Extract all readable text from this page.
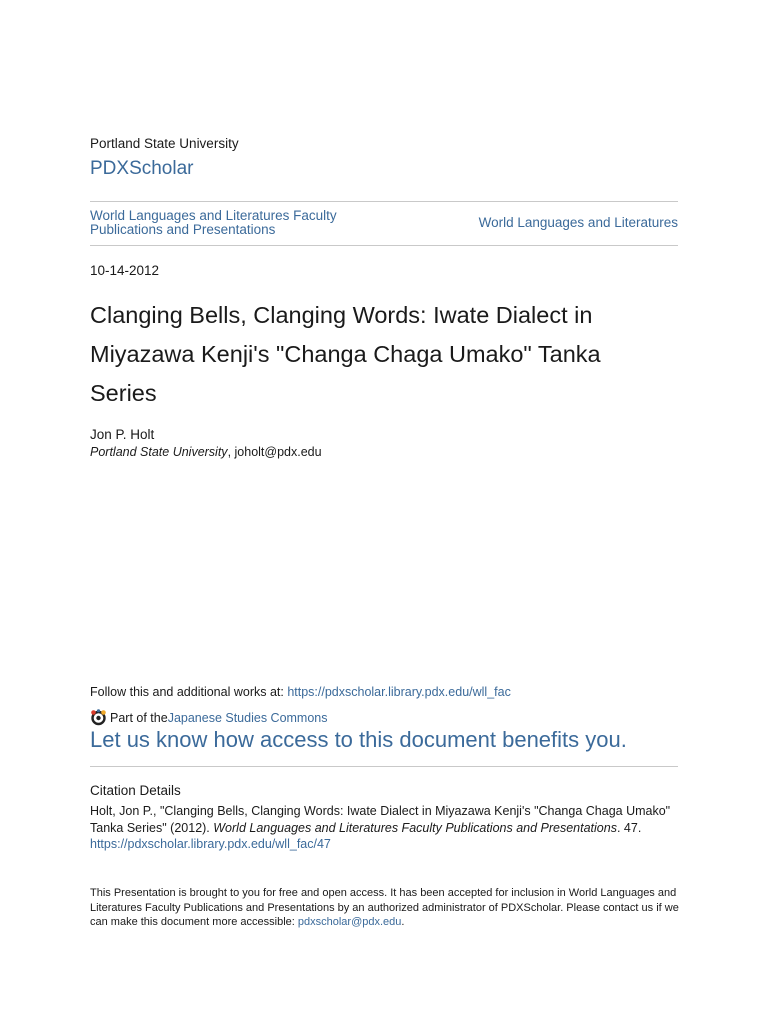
Portland State University
PDXScholar
World Languages and Literatures Faculty Publications and Presentations	World Languages and Literatures
10-14-2012
Clanging Bells, Clanging Words: Iwate Dialect in Miyazawa Kenji's "Changa Chaga Umako" Tanka Series
Jon P. Holt
Portland State University, joholt@pdx.edu
Follow this and additional works at: https://pdxscholar.library.pdx.edu/wll_fac
Part of the Japanese Studies Commons
Let us know how access to this document benefits you.
Citation Details
Holt, Jon P., "Clanging Bells, Clanging Words: Iwate Dialect in Miyazawa Kenji's "Changa Chaga Umako" Tanka Series" (2012). World Languages and Literatures Faculty Publications and Presentations. 47.
https://pdxscholar.library.pdx.edu/wll_fac/47
This Presentation is brought to you for free and open access. It has been accepted for inclusion in World Languages and Literatures Faculty Publications and Presentations by an authorized administrator of PDXScholar. Please contact us if we can make this document more accessible: pdxscholar@pdx.edu.
